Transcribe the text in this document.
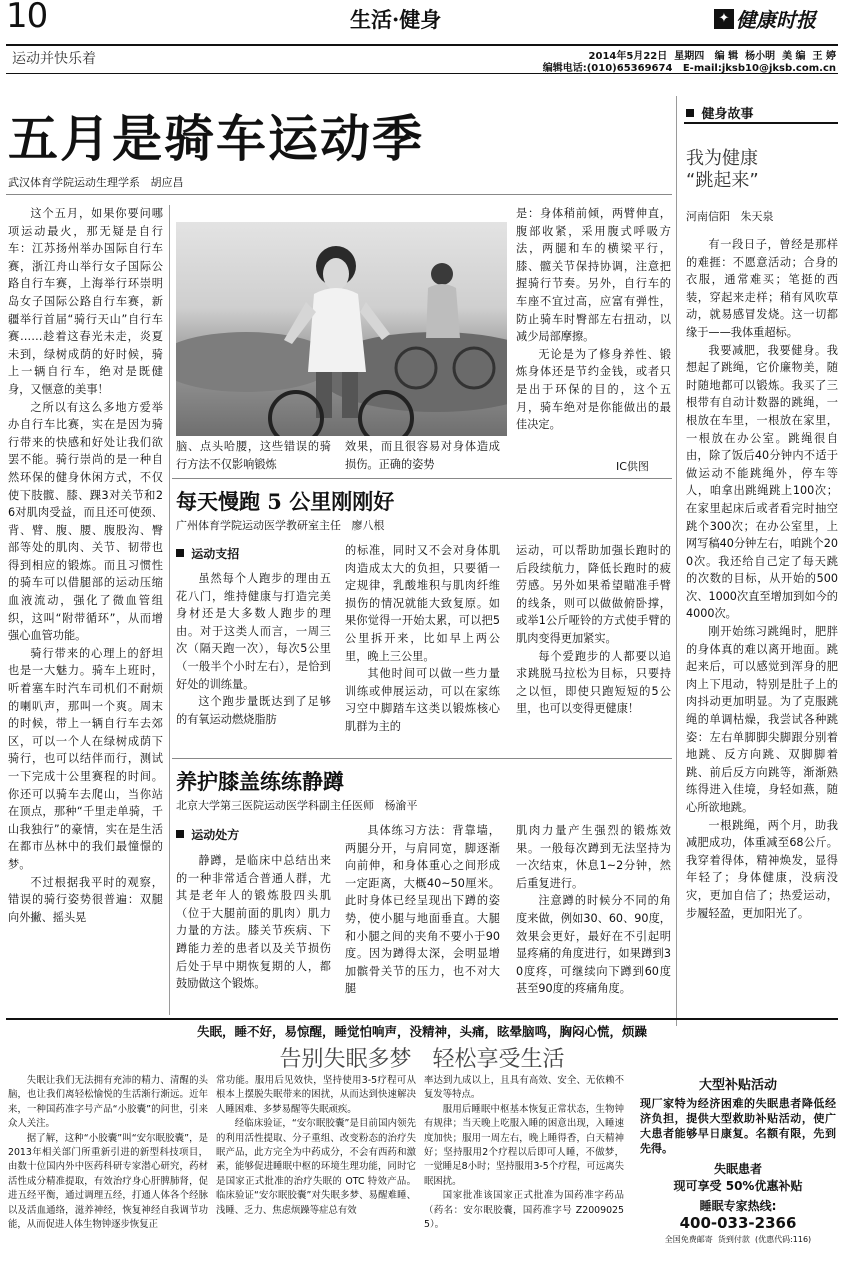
10	生活·健身	✦ 健康时报
运动并快乐着	2014年5月22日  星期四   编 辑  杨小明  美 编  王 婷
编辑电话:(010)65369674   E-mail:jksb10@jksb.com.cn
五月是骑车运动季
武汉体育学院运动生理学系   胡应昌

这个五月，如果你要问哪项运动最火，那无疑是自行车：江苏扬州举办国际自行车赛，浙江舟山举行女子国际公路自行车赛，上海举行环崇明岛女子国际公路自行车赛，新疆举行首届“骑行天山”自行车赛……趁着这春光未走，炎夏未到，绿树成荫的好时候，骑上一辆自行车，绝对是既健身，又惬意的美事！

之所以有这么多地方爱举办自行车比赛，实在是因为骑行带来的快感和好处让我们欲罢不能。骑行崇尚的是一种自然环保的健身休闲方式，不仅使下肢髋、膝、踝3对关节和26对肌肉受益，而且还可使颈、背、臂、腹、腰、腹股沟、臀部等处的肌肉、关节、韧带也得到相应的锻炼。而且习惯性的骑车可以借腿部的运动压缩血液流动，强化了微血管组织，这叫“附带循环”，从而增强心血管功能。

骑行带来的心理上的舒坦也是一大魅力。骑车上班时，听着塞车时汽车司机们不耐烦的喇叭声，那叫一个爽。周末的时候，带上一辆自行车去郊区，可以一个人在绿树成荫下骑行，也可以结伴而行，测试一下完成十公里赛程的时间。你还可以骑车去爬山，当你站在顶点，那种“千里走单骑，千山我独行”的豪情，实在是生活在都市丛林中的我们最憧憬的梦。

不过根据我平时的观察，错误的骑行姿势很普遍：双腿向外撇、摇头晃

脑、点头哈腰，这些错误的骑行方法不仅影响锻炼

效果，而且很容易对身体造成损伤。正确的姿势

是：身体稍前倾，两臂伸直，腹部收紧，采用腹式呼吸方法，两腿和车的横梁平行，膝、髋关节保持协调，注意把握骑行节奏。另外，自行车的车座不宜过高，应富有弹性，防止骑车时臀部左右扭动，以减少局部摩擦。

无论是为了修身养性、锻炼身体还是节约金钱，或者只是出于环保的目的，这个五月，骑车绝对是你能做出的最佳决定。

IC供图
每天慢跑 5 公里刚刚好
广州体育学院运动医学教研室主任   廖八根
运动支招

虽然每个人跑步的理由五花八门，维持健康与打造完美身材还是大多数人跑步的理由。对于这类人而言，一周三次（隔天跑一次），每次5公里（一般半个小时左右），是恰到好处的训练量。

这个跑步量既达到了足够的有氧运动燃烧脂肪

的标准，同时又不会对身体肌肉造成太大的负担，只要循一定规律，乳酸堆积与肌肉纤维损伤的情况就能大致复原。如果你觉得一开始太累，可以把5公里拆开来，比如早上两公里，晚上三公里。

其他时间可以做一些力量训练或伸展运动，可以在家练习空中脚踏车这类以锻炼核心肌群为主的

运动，可以帮助加强长跑时的后段续航力，降低长跑时的疲劳感。另外如果希望瞄准手臂的线条，则可以做做俯卧撑，或举1公斤哑铃的方式使手臂的肌肉变得更加紧实。

每个爱跑步的人都要以追求跳脱马拉松为目标，只要持之以恒，即使只跑短短的5公里，也可以变得更健康！

养护膝盖练练静蹲
北京大学第三医院运动医学科副主任医师   杨渝平
运动处方

静蹲，是临床中总结出来的一种非常适合普通人群，尤其是老年人的锻炼股四头肌（位于大腿前面的肌肉）肌力力量的方法。膝关节疾病、下蹲能力差的患者以及关节损伤后处于早中期恢复期的人，都鼓励做这个锻炼。

具体练习方法：背靠墙，两腿分开，与肩同宽，脚逐渐向前伸，和身体重心之间形成一定距离，大概40~50厘米。此时身体已经呈现出下蹲的姿势，使小腿与地面垂直。大腿和小腿之间的夹角不要小于90度。因为蹲得太深，会明显增加髌骨关节的压力，也不对大腿

肌肉力量产生强烈的锻炼效果。一般每次蹲到无法坚持为一次结束，休息1~2分钟，然后重复进行。

注意蹲的时候分不同的角度来做，例如30、60、90度，效果会更好，最好在不引起明显疼痛的角度进行，如果蹲到30度疼，可继续向下蹲到60度甚至90度的疼痛角度。

健身故事
我为健康
“跳起来”
河南信阳   朱天泉

有一段日子，曾经是那样的难捱：不愿意活动；合身的衣服，通常难买；笔挺的西装，穿起来走样；稍有风吹草动，就易感冒发烧。这一切都缘于——我体重超标。

我要减肥，我要健身。我想起了跳绳，它价廉物美，随时随地都可以锻炼。我买了三根带有自动计数器的跳绳，一根放在车里，一根放在家里，一根放在办公室。跳绳很自由，除了饭后40分钟内不适于做运动不能跳绳外，停车等人，咱拿出跳绳跳上100次；在家里起床后或者看完时抽空跳个300次；在办公室里，上网写稿40分钟左右，咱跳个200次。我还给自己定了每天跳的次数的目标，从开始的500次、1000次直至增加到如今的4000次。

刚开始练习跳绳时，肥胖的身体真的难以离开地面。跳起来后，可以感觉到浑身的肥肉上下甩动，特别是肚子上的肉抖动更加明显。为了克服跳绳的单调枯燥，我尝试各种跳姿：左右单脚脚尖脚跟分别着地跳、反方向跳、双脚脚着跳、前后反方向跳等，渐渐熟练得进入佳境，身轻如燕，随心所欲地跳。

一根跳绳，两个月，助我减肥成功，体重减至68公斤。我穿着得体，精神焕发，显得年轻了；身体健康，没病没灾，更加自信了；热爱运动，步履轻盈，更加阳光了。

失眠，睡不好，易惊醒，睡觉怕响声，没精神，头痛，眩晕脑鸣，胸闷心慌，烦躁
告别失眠多梦   轻松享受生活

失眠让我们无法拥有充沛的精力、清醒的头脑，也让我们离轻松愉悦的生活渐行渐远。近年来，一种国药准字号产品“小胶囊”的问世，引来众人关注。

据了解，这种“小胶囊”叫“安尔眠胶囊”，是2013年相关部门所重新引进的新型科技项目，由数十位国内外中医药科研专家潜心研究，药材活性成分精准提取，有效治疗身心肝脾肺肾，促进五经平衡，通过调理五经，打通人体各个经脉以及活血通络，滋养神经，恢复神经自我调节功能，从而促进人体生物钟逐步恢复正

常功能。服用后见效快，坚持使用3-5疗程可从根本上摆脱失眠带来的困扰，从而达到快速解决人睡困难、多梦易醒等失眠顽疾。

经临床验证，“安尔眠胶囊”是目前国内领先的利用活性提取、分子重组、改变粉态的治疗失眠产品，此方完全为中药成分，不会有西药和激素，能够促进睡眠中枢的环境生理功能，同时它是国家正式批准的治疗失眠的 OTC 特效产品。临床验证“安尔眠胶囊”对失眠多梦、易醒难睡、浅睡、乏力、焦虑烦躁等症总有效

率达到九成以上，且具有高效、安全、无依赖不复发等特点。

服用后睡眠中枢基本恢复正常状态，生物钟有规律；当天晚上吃服入睡的困意出现，入睡速度加快；服用一周左右，晚上睡得香，白天精神好；坚持服用2个疗程以后即可人睡，不做梦，一觉睡足8小时；坚持服用3-5个疗程，可远离失眠困扰。

国家批准该国家正式批准为国药准字药品（药名：安尔眠胶囊，国药准字号 Z20090255）。

大型补贴活动
现厂家特为经济困难的失眠患者降低经济负担，提供大型救助补贴活动，使广大患者能够早日康复。名额有限，先到先得。
失眠患者
现可享受 50%优惠补贴
睡眠专家热线:
400-033-2366
全国免费邮寄  货到付款  (优惠代码:116)
